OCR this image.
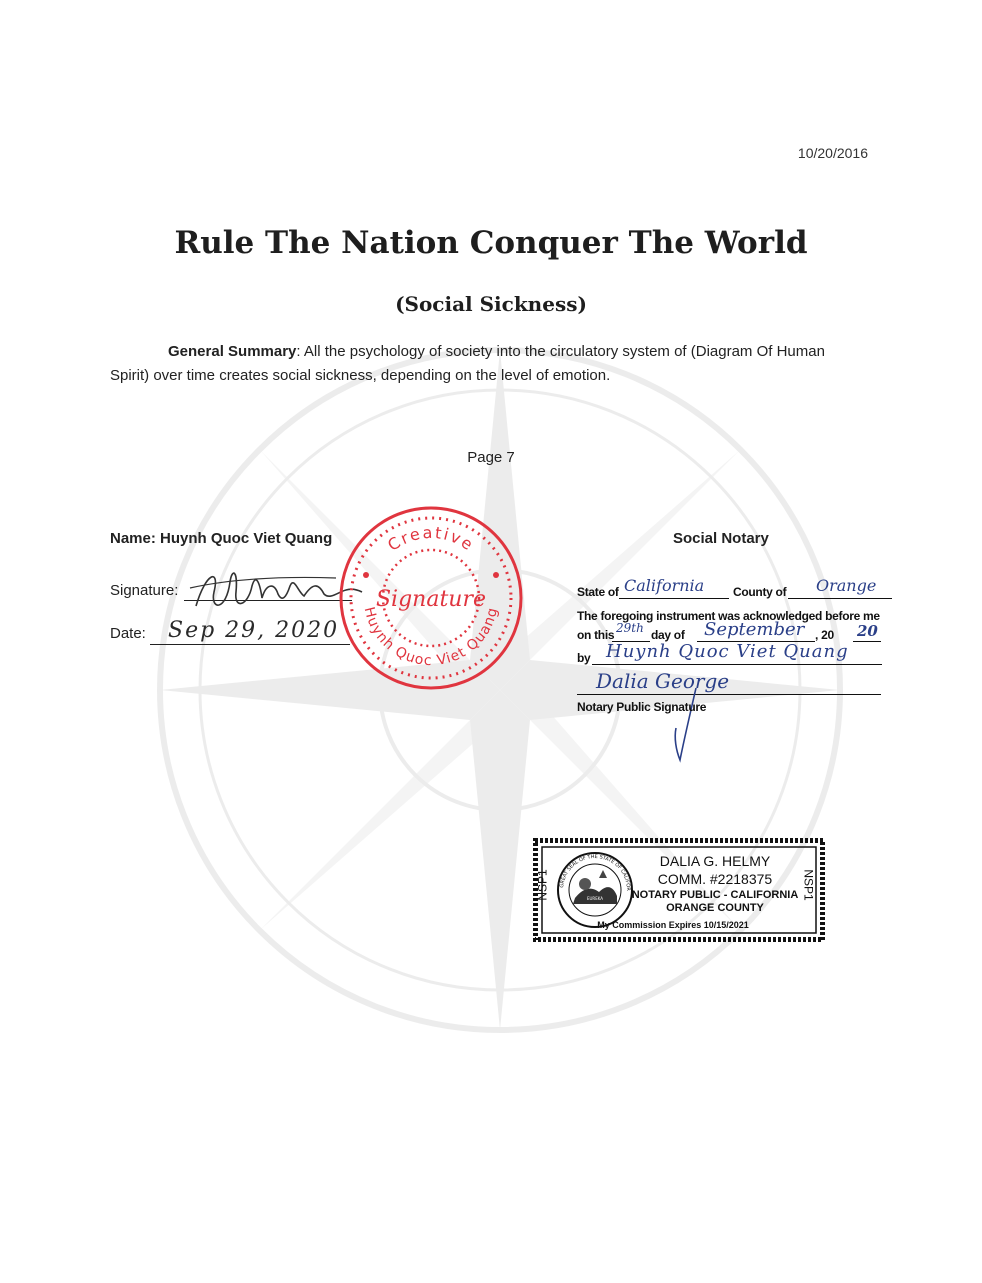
10/20/2016
Rule The Nation Conquer The World
(Social Sickness)
General Summary: All the psychology of society into the circulatory system of (Diagram Of Human Spirit) over time creates social sickness, depending on the level of emotion.
Page 7
Name: Huynh Quoc Viet Quang
Signature:
Date: Sep 29, 2020
Creative
Huynh Quoc Viet Quang
Signature
Social Notary
State of California County of Orange
The foregoing instrument was acknowledged before me
on this 29th day of September , 20 20
by Huynh Quoc Viet Quang
Dalia George
Notary Public Signature
NSP1	NSP1
EUREKA
GREAT SEAL OF THE STATE OF CALIFOR
DALIA G. HELMY
COMM. #2218375
NOTARY PUBLIC - CALIFORNIA
ORANGE COUNTY
My Commission Expires 10/15/2021
